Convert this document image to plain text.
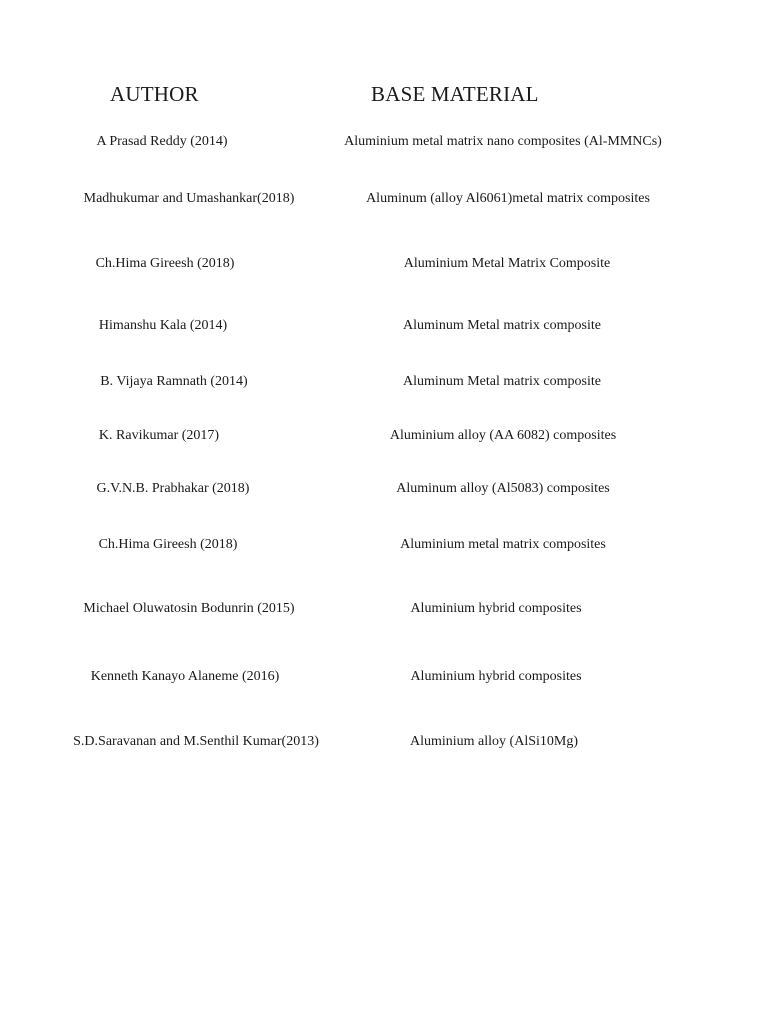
AUTHOR	BASE MATERIAL
A Prasad Reddy (2014)	Aluminium metal matrix nano composites (Al-MMNCs)
Madhukumar and Umashankar(2018)	Aluminum (alloy Al6061)metal matrix composites
Ch.Hima Gireesh (2018)	Aluminium Metal Matrix Composite
Himanshu Kala (2014)	Aluminum Metal matrix composite
B. Vijaya Ramnath (2014)	Aluminum Metal matrix composite
K. Ravikumar (2017)	Aluminium alloy (AA 6082) composites
G.V.N.B. Prabhakar (2018)	Aluminum alloy (Al5083) composites
Ch.Hima Gireesh (2018)	Aluminium metal matrix composites
Michael Oluwatosin Bodunrin (2015)	Aluminium hybrid composites
Kenneth Kanayo Alaneme (2016)	Aluminium hybrid composites
S.D.Saravanan and M.Senthil Kumar(2013)	Aluminium alloy (AlSi10Mg)
